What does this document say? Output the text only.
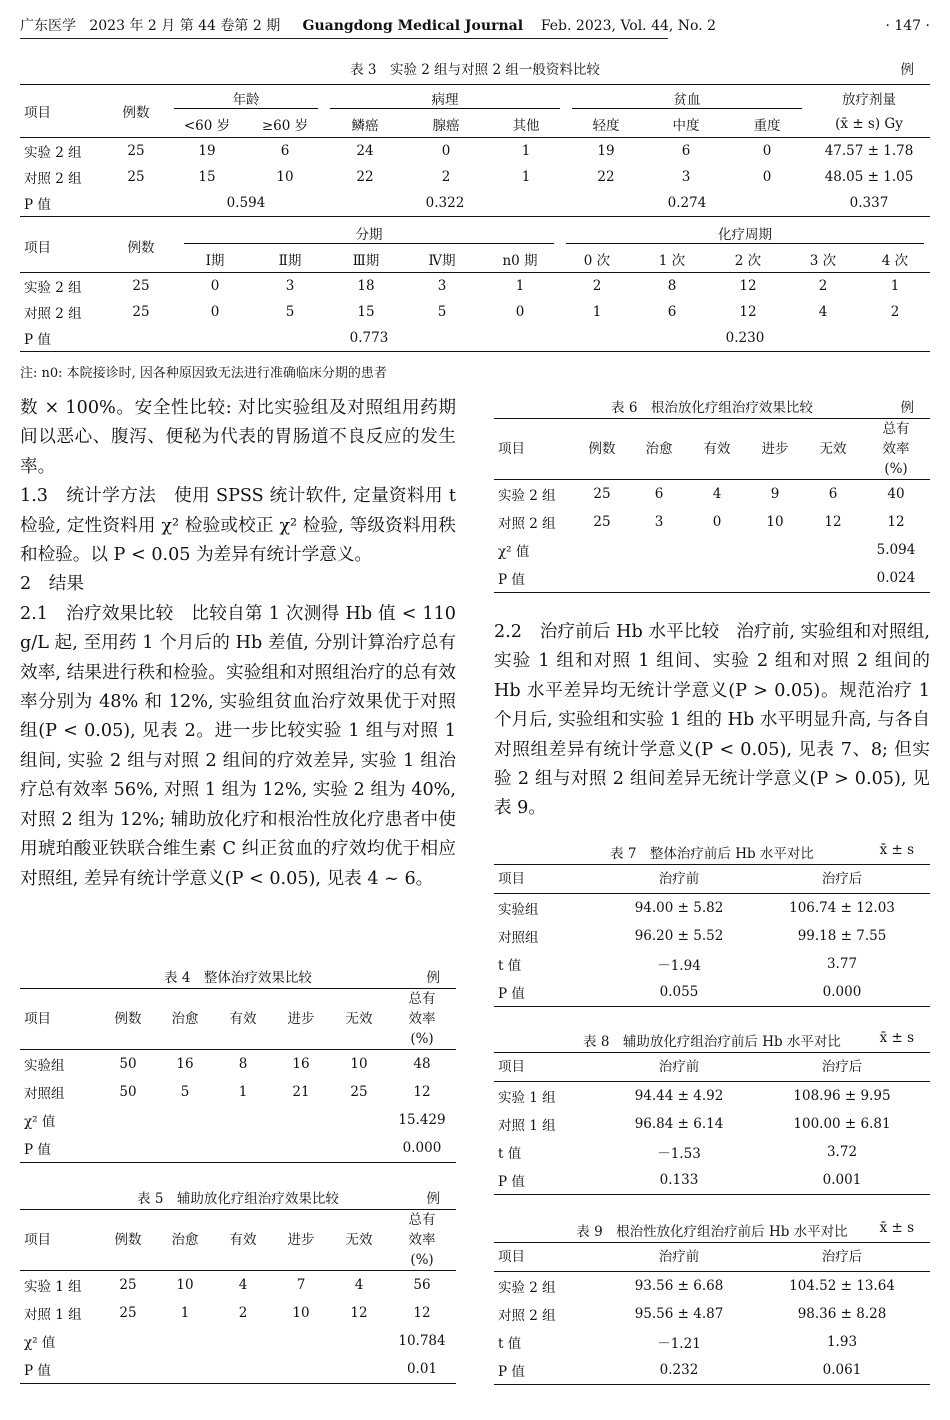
广东医学 2023 年 2 月 第 44 卷第 2 期 Guangdong Medical Journal Feb. 2023, Vol. 44, No. 2	· 147 ·
表 3　实验 2 组与对照 2 组一般资料比较	例
项目	例数	年龄		病理			贫血			放疗剂量
		<60 岁	≥60 岁	鳞癌	腺癌	其他	轻度	中度	重度	(x̄ ± s) Gy
实验 2 组	25	19	6	24	0	1	19	6	0	47.57 ± 1.78
对照 2 组	25	15	10	22	2	1	22	3	0	48.05 ± 1.05
P 值		0.594		0.322			0.274			0.337
项目	例数	分期					化疗周期				

		Ⅰ期	Ⅱ期	Ⅲ期	Ⅳ期	n0 期	0 次	1 次	2 次	3 次	4 次
实验 2 组	25	0	3	18	3	1	2	8	12	2	1
对照 2 组	25	0	5	15	5	0	1	6	12	4	2
P 值		0.773					0.230				
注: n0: 本院接诊时, 因各种原因致无法进行准确临床分期的患者

数 × 100%。安全性比较: 对比实验组及对照组用药期间以恶心、腹泻、便秘为代表的胃肠道不良反应的发生率。

1.3　统计学方法 使用 SPSS 统计软件, 定量资料用 t 检验, 定性资料用 χ² 检验或校正 χ² 检验, 等级资料用秩和检验。以 P < 0.05 为差异有统计学意义。

2　结果

2.1　治疗效果比较 比较自第 1 次测得 Hb 值 < 110 g/L 起, 至用药 1 个月后的 Hb 差值, 分别计算治疗总有效率, 结果进行秩和检验。实验组和对照组治疗的总有效率分别为 48% 和 12%, 实验组贫血治疗效果优于对照组(P < 0.05), 见表 2。进一步比较实验 1 组与对照 1 组间, 实验 2 组与对照 2 组间的疗效差异, 实验 1 组治疗总有效率 56%, 对照 1 组为 12%, 实验 2 组为 40%, 对照 2 组为 12%; 辅助放化疗和根治性放化疗患者中使用琥珀酸亚铁联合维生素 C 纠正贫血的疗效均优于相应对照组, 差异有统计学意义(P < 0.05), 见表 4 ~ 6。

表 4　整体治疗效果比较	例
项目	例数	治愈	有效	进步	无效	总有效率(%)
实验组	50	16	8	16	10	48
对照组	50	5	1	21	25	12
χ² 值						15.429
P 值						0.000
表 5　辅助放化疗组治疗效果比较	例
项目	例数	治愈	有效	进步	无效	总有效率(%)
实验 1 组	25	10	4	7	4	56
对照 1 组	25	1	2	10	12	12
χ² 值						10.784
P 值						0.01
表 6　根治放化疗组治疗效果比较	例
项目	例数	治愈	有效	进步	无效	总有效率(%)
实验 2 组	25	6	4	9	6	40
对照 2 组	25	3	0	10	12	12
χ² 值						5.094
P 值						0.024

2.2　治疗前后 Hb 水平比较 治疗前, 实验组和对照组, 实验 1 组和对照 1 组间、实验 2 组和对照 2 组间的 Hb 水平差异均无统计学意义(P > 0.05)。规范治疗 1 个月后, 实验组和实验 1 组的 Hb 水平明显升高, 与各自对照组差异有统计学意义(P < 0.05), 见表 7、8; 但实验 2 组与对照 2 组间差异无统计学意义(P > 0.05), 见表 9。

表 7　整体治疗前后 Hb 水平对比	x̄ ± s
项目	治疗前	治疗后
实验组	94.00 ± 5.82	106.74 ± 12.03
对照组	96.20 ± 5.52	99.18 ± 7.55
t 值	－1.94	3.77
P 值	0.055	0.000
表 8　辅助放化疗组治疗前后 Hb 水平对比	x̄ ± s
项目	治疗前	治疗后
实验 1 组	94.44 ± 4.92	108.96 ± 9.95
对照 1 组	96.84 ± 6.14	100.00 ± 6.81
t 值	－1.53	3.72
P 值	0.133	0.001
表 9　根治性放化疗组治疗前后 Hb 水平对比	x̄ ± s
项目	治疗前	治疗后
实验 2 组	93.56 ± 6.68	104.52 ± 13.64
对照 2 组	95.56 ± 4.87	98.36 ± 8.28
t 值	－1.21	1.93
P 值	0.232	0.061
